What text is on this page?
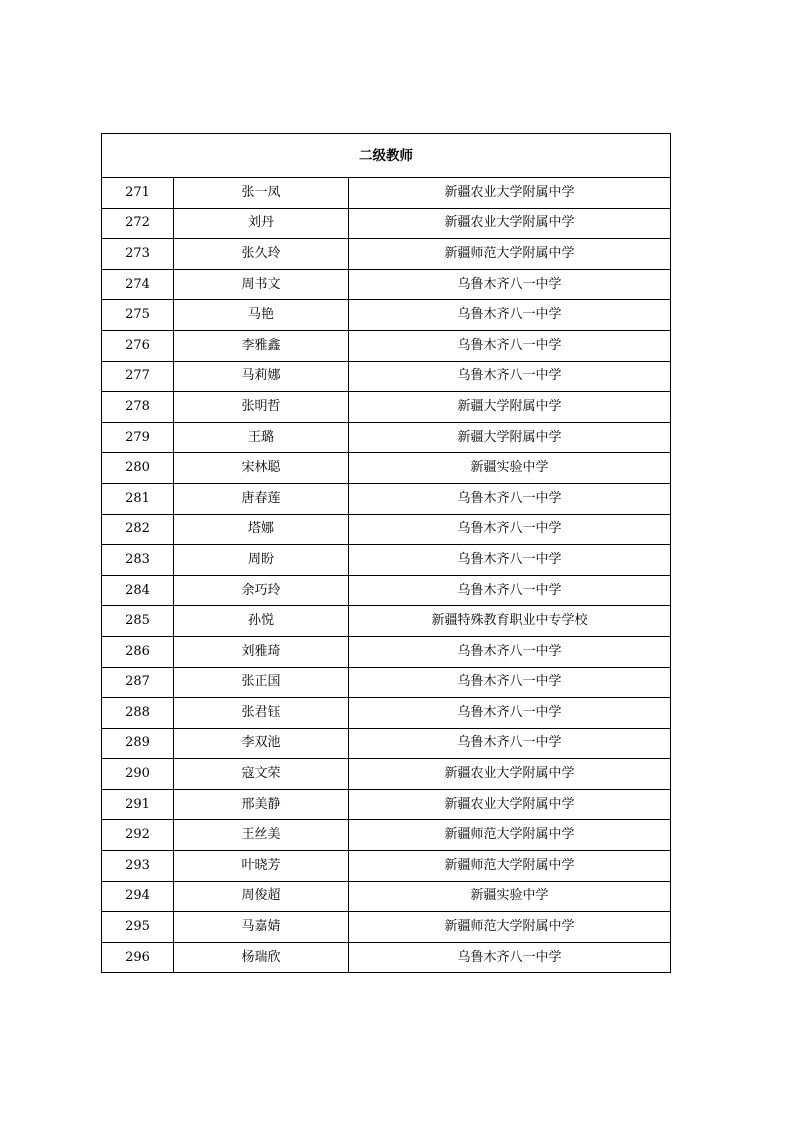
二级教师		
271	张一凤	新疆农业大学附属中学
272	刘丹	新疆农业大学附属中学
273	张久玲	新疆师范大学附属中学
274	周书文	乌鲁木齐八一中学
275	马艳	乌鲁木齐八一中学
276	李雅鑫	乌鲁木齐八一中学
277	马莉娜	乌鲁木齐八一中学
278	张明哲	新疆大学附属中学
279	王璐	新疆大学附属中学
280	宋林聪	新疆实验中学
281	唐春莲	乌鲁木齐八一中学
282	塔娜	乌鲁木齐八一中学
283	周盼	乌鲁木齐八一中学
284	余巧玲	乌鲁木齐八一中学
285	孙悦	新疆特殊教育职业中专学校
286	刘雅琦	乌鲁木齐八一中学
287	张正国	乌鲁木齐八一中学
288	张君钰	乌鲁木齐八一中学
289	李双池	乌鲁木齐八一中学
290	寇文荣	新疆农业大学附属中学
291	邢美静	新疆农业大学附属中学
292	王丝美	新疆师范大学附属中学
293	叶晓芳	新疆师范大学附属中学
294	周俊超	新疆实验中学
295	马嘉婧	新疆师范大学附属中学
296	杨瑞欣	乌鲁木齐八一中学
